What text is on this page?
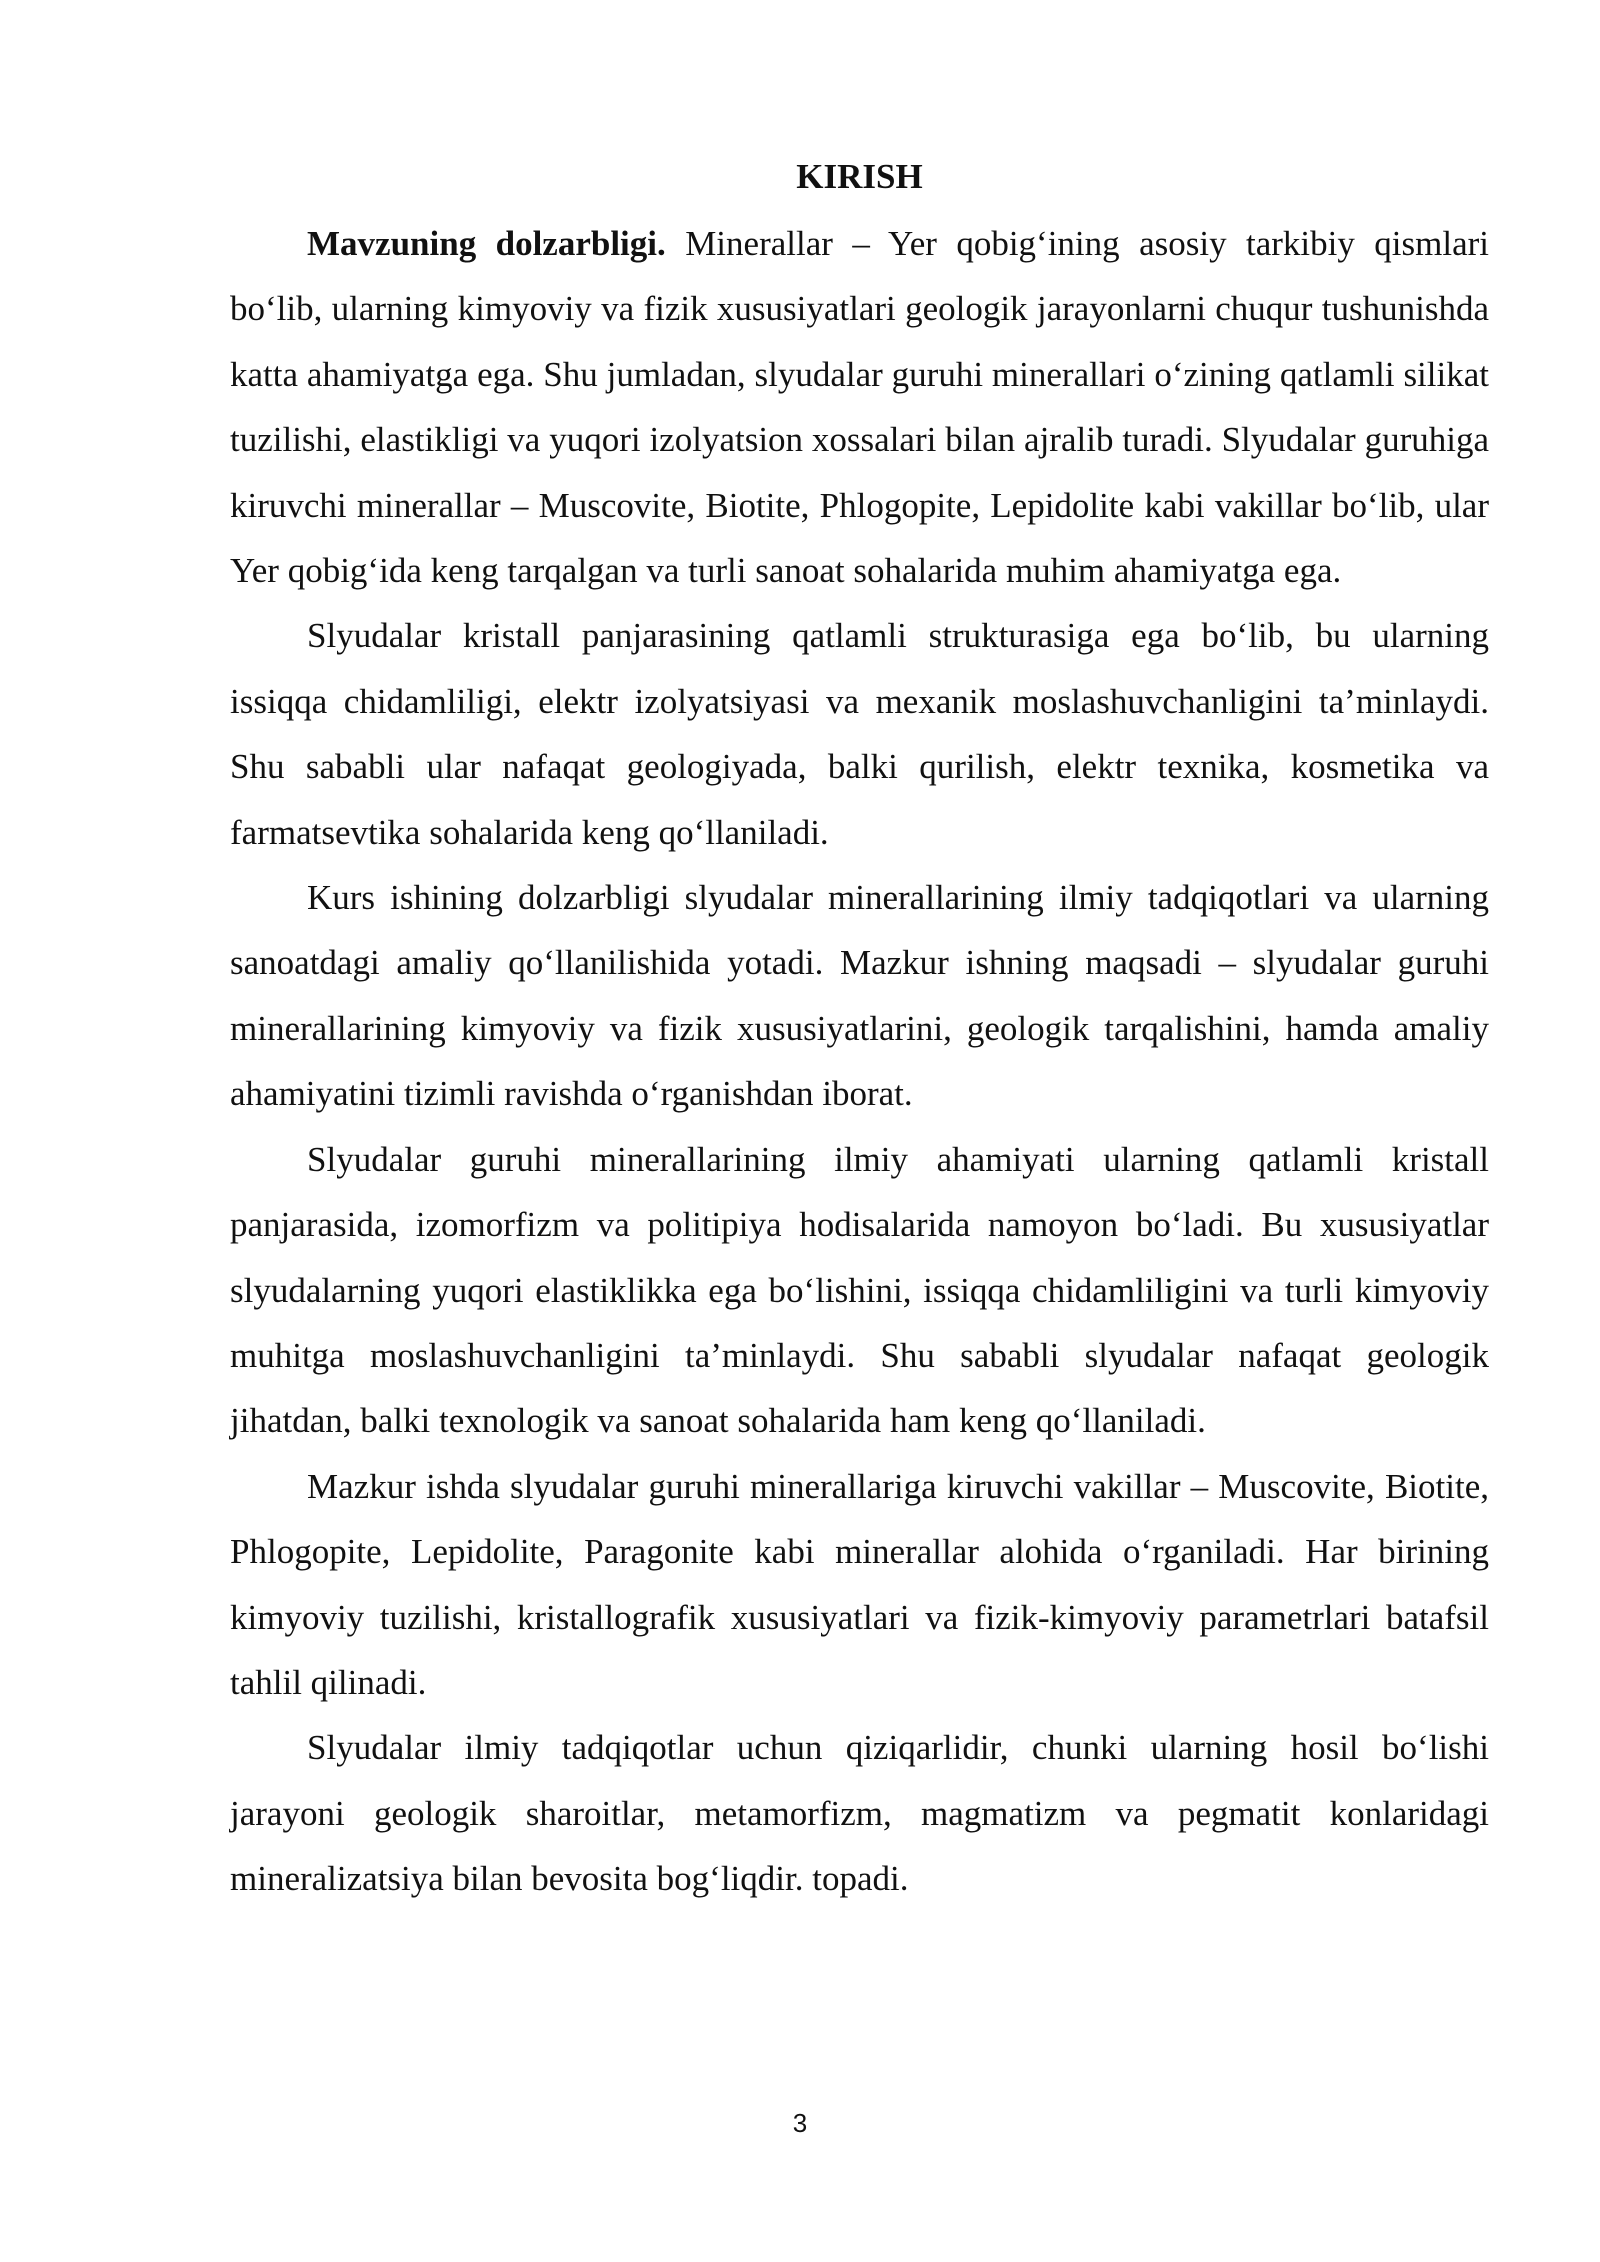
KIRISH

Mavzuning dolzarbligi. Minerallar – Yer qobig‘ining asosiy tarkibiy qismlari bo‘lib, ularning kimyoviy va fizik xususiyatlari geologik jarayonlarni chuqur tushunishda katta ahamiyatga ega. Shu jumladan, slyudalar guruhi minerallari o‘zining qatlamli silikat tuzilishi, elastikligi va yuqori izolyatsion xossalari bilan ajralib turadi. Slyudalar guruhiga kiruvchi minerallar – Muscovite, Biotite, Phlogopite, Lepidolite kabi vakillar bo‘lib, ular Yer qobig‘ida keng tarqalgan va turli sanoat sohalarida muhim ahamiyatga ega.

Slyudalar kristall panjarasining qatlamli strukturasiga ega bo‘lib, bu ularning issiqqa chidamliligi, elektr izolyatsiyasi va mexanik moslashuvchanligini ta’minlaydi. Shu sababli ular nafaqat geologiyada, balki qurilish, elektr texnika, kosmetika va farmatsevtika sohalarida keng qo‘llaniladi.

Kurs ishining dolzarbligi slyudalar minerallarining ilmiy tadqiqotlari va ularning sanoatdagi amaliy qo‘llanilishida yotadi. Mazkur ishning maqsadi – slyudalar guruhi minerallarining kimyoviy va fizik xususiyatlarini, geologik tarqalishini, hamda amaliy ahamiyatini tizimli ravishda o‘rganishdan iborat.

Slyudalar guruhi minerallarining ilmiy ahamiyati ularning qatlamli kristall panjarasida, izomorfizm va politipiya hodisalarida namoyon bo‘ladi. Bu xususiyatlar slyudalarning yuqori elastiklikka ega bo‘lishini, issiqqa chidamliligini va turli kimyoviy muhitga moslashuvchanligini ta’minlaydi. Shu sababli slyudalar nafaqat geologik jihatdan, balki texnologik va sanoat sohalarida ham keng qo‘llaniladi.

Mazkur ishda slyudalar guruhi minerallariga kiruvchi vakillar – Muscovite, Biotite, Phlogopite, Lepidolite, Paragonite kabi minerallar alohida o‘rganiladi. Har birining kimyoviy tuzilishi, kristallografik xususiyatlari va fizik-kimyoviy parametrlari batafsil tahlil qilinadi.

Slyudalar ilmiy tadqiqotlar uchun qiziqarlidir, chunki ularning hosil bo‘lishi jarayoni geologik sharoitlar, metamorfizm, magmatizm va pegmatit konlaridagi mineralizatsiya bilan bevosita bog‘liqdir. topadi.

3
